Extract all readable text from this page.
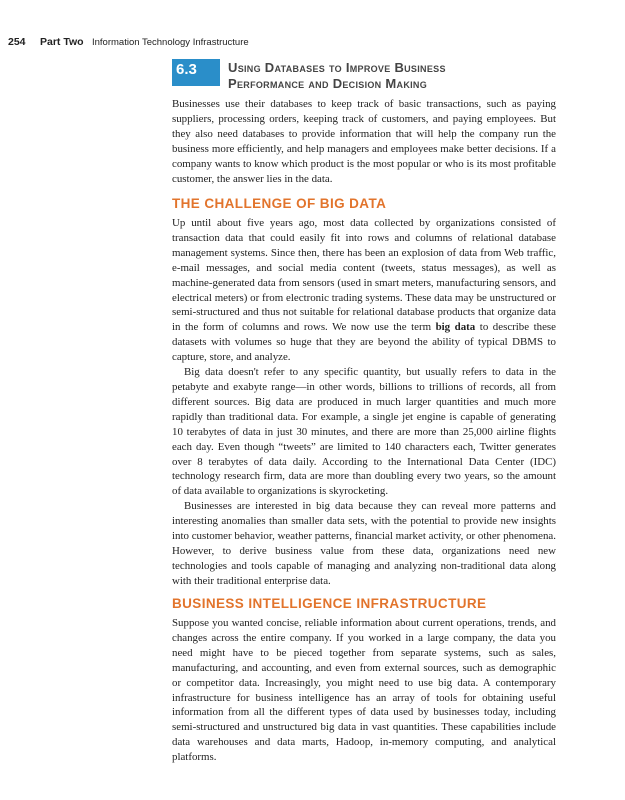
254 Part Two Information Technology Infrastructure
6.3	Using Databases to Improve Business
Performance and Decision Making

Businesses use their databases to keep track of basic transactions, such as paying suppliers, processing orders, keeping track of customers, and paying employees. But they also need databases to provide information that will help the company run the business more efficiently, and help managers and employees make better decisions. If a company wants to know which product is the most popular or who is its most profitable customer, the answer lies in the data.

THE CHALLENGE OF BIG DATA

Up until about five years ago, most data collected by organizations consisted of transaction data that could easily fit into rows and columns of relational database management systems. Since then, there has been an explosion of data from Web traffic, e-mail messages, and social media content (tweets, status messages), as well as machine-generated data from sensors (used in smart meters, manufacturing sensors, and electrical meters) or from electronic trading systems. These data may be unstructured or semi-structured and thus not suitable for relational database products that organize data in the form of columns and rows. We now use the term big data to describe these datasets with volumes so huge that they are beyond the ability of typical DBMS to capture, store, and analyze.

Big data doesn't refer to any specific quantity, but usually refers to data in the petabyte and exabyte range—in other words, billions to trillions of records, all from different sources. Big data are produced in much larger quantities and much more rapidly than traditional data. For example, a single jet engine is capable of generating 10 terabytes of data in just 30 minutes, and there are more than 25,000 airline flights each day. Even though “tweets” are limited to 140 characters each, Twitter generates over 8 terabytes of data daily. According to the International Data Center (IDC) technology research firm, data are more than doubling every two years, so the amount of data available to organizations is skyrocketing.

Businesses are interested in big data because they can reveal more patterns and interesting anomalies than smaller data sets, with the potential to provide new insights into customer behavior, weather patterns, financial market activity, or other phenomena. However, to derive business value from these data, organizations need new technologies and tools capable of managing and analyzing non-traditional data along with their traditional enterprise data.

BUSINESS INTELLIGENCE INFRASTRUCTURE

Suppose you wanted concise, reliable information about current operations, trends, and changes across the entire company. If you worked in a large company, the data you need might have to be pieced together from separate systems, such as sales, manufacturing, and accounting, and even from external sources, such as demographic or competitor data. Increasingly, you might need to use big data. A contemporary infrastructure for business intelligence has an array of tools for obtaining useful information from all the different types of data used by businesses today, including semi-structured and unstructured big data in vast quantities. These capabilities include data warehouses and data marts, Hadoop, in-memory computing, and analytical platforms.
